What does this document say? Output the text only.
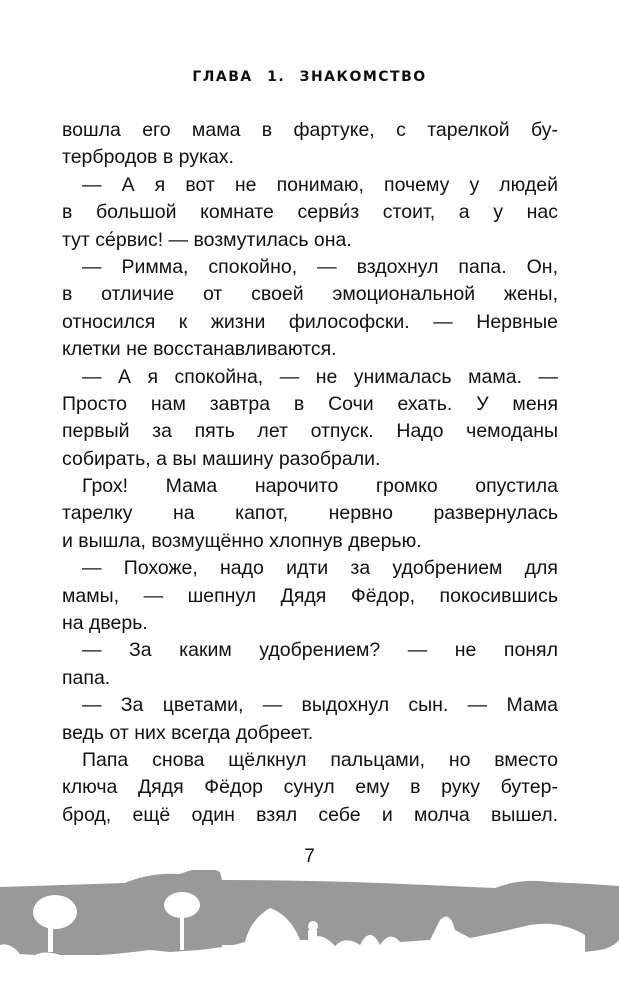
ГЛАВА 1. ЗНАКОМСТВО
вошла его мама в фартуке, с тарелкой бу-
тербродов в руках.
— А я вот не понимаю, почему у людей
в большой комнате серви́з стоит, а у нас
тут се́рвис! — возмутилась она.
— Римма, спокойно, — вздохнул папа. Он,
в отличие от своей эмоциональной жены,
относился к жизни философски. — Нервные
клетки не восстанавливаются.
— А я спокойна, — не унималась мама. —
Просто нам завтра в Сочи ехать. У меня
первый за пять лет отпуск. Надо чемоданы
собирать, а вы машину разобрали.
Грох! Мама нарочито громко опустила
тарелку на капот, нервно развернулась
и вышла, возмущённо хлопнув дверью.
— Похоже, надо идти за удобрением для
мамы, — шепнул Дядя Фёдор, покосившись
на дверь.
— За каким удобрением? — не понял
папа.
— За цветами, — выдохнул сын. — Мама
ведь от них всегда добреет.
Папа снова щёлкнул пальцами, но вместо
ключа Дядя Фёдор сунул ему в руку бутер-
брод, ещё один взял себе и молча вышел.
7
